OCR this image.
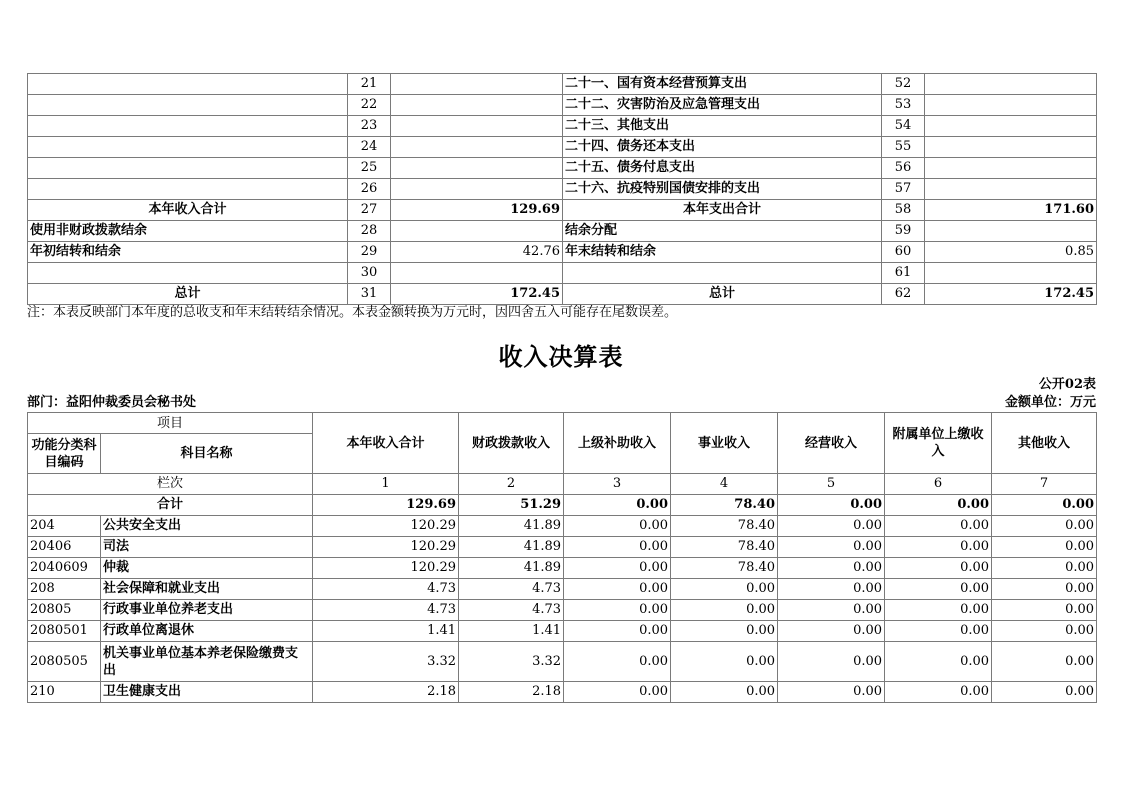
	21		二十一、国有资本经营预算支出	52	
	22		二十二、灾害防治及应急管理支出	53	
	23		二十三、其他支出	54	
	24		二十四、债务还本支出	55	
	25		二十五、债务付息支出	56	
	26		二十六、抗疫特别国债安排的支出	57	
本年收入合计	27	129.69	本年支出合计	58	171.60
使用非财政拨款结余	28		结余分配	59	
年初结转和结余	29	42.76	年末结转和结余	60	0.85
	30			61	
总计	31	172.45	总计	62	172.45
注：本表反映部门本年度的总收支和年末结转结余情况。本表金额转换为万元时，因四舍五入可能存在尾数误差。
收入决算表
公开02表
部门：益阳仲裁委员会秘书处	金额单位：万元
项目		本年收入合计	财政拨款收入	上级补助收入	事业收入	经营收入	附属单位上缴收入	其他收入
功能分类科目编码	科目名称							
栏次		1	2	3	4	5	6	7
合计		129.69	51.29	0.00	78.40	0.00	0.00	0.00
204	公共安全支出	120.29	41.89	0.00	78.40	0.00	0.00	0.00
20406	司法	120.29	41.89	0.00	78.40	0.00	0.00	0.00
2040609	仲裁	120.29	41.89	0.00	78.40	0.00	0.00	0.00
208	社会保障和就业支出	4.73	4.73	0.00	0.00	0.00	0.00	0.00
20805	行政事业单位养老支出	4.73	4.73	0.00	0.00	0.00	0.00	0.00
2080501	行政单位离退休	1.41	1.41	0.00	0.00	0.00	0.00	0.00
2080505	机关事业单位基本养老保险缴费支出	3.32	3.32	0.00	0.00	0.00	0.00	0.00
210	卫生健康支出	2.18	2.18	0.00	0.00	0.00	0.00	0.00
